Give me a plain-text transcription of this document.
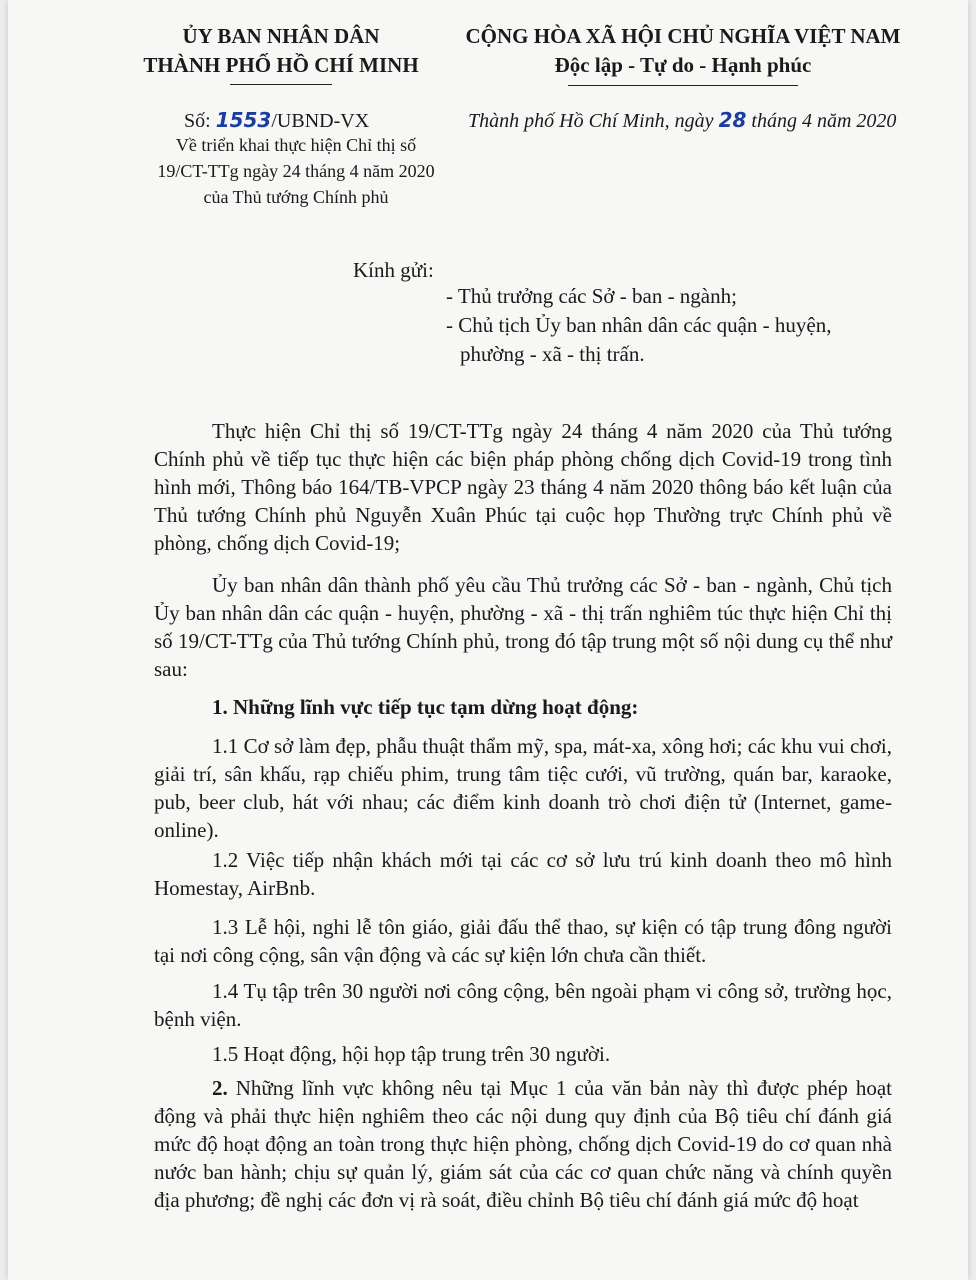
ỦY BAN NHÂN DÂN
THÀNH PHỐ HỒ CHÍ MINH
CỘNG HÒA XÃ HỘI CHỦ NGHĨA VIỆT NAM
Độc lập - Tự do - Hạnh phúc
Số: 1553/UBND-VX	Thành phố Hồ Chí Minh, ngày 28 tháng 4 năm 2020
Về triển khai thực hiện Chỉ thị số
19/CT-TTg ngày 24 tháng 4 năm 2020
của Thủ tướng Chính phủ
Kính gửi:
- Thủ trưởng các Sở - ban - ngành;
- Chủ tịch Ủy ban nhân dân các quận - huyện,
phường - xã - thị trấn.
Thực hiện Chỉ thị số 19/CT-TTg ngày 24 tháng 4 năm 2020 của Thủ tướng Chính phủ về tiếp tục thực hiện các biện pháp phòng chống dịch Covid-19 trong tình hình mới, Thông báo 164/TB-VPCP ngày 23 tháng 4 năm 2020 thông báo kết luận của Thủ tướng Chính phủ Nguyễn Xuân Phúc tại cuộc họp Thường trực Chính phủ về phòng, chống dịch Covid-19;
Ủy ban nhân dân thành phố yêu cầu Thủ trưởng các Sở - ban - ngành, Chủ tịch Ủy ban nhân dân các quận - huyện, phường - xã - thị trấn nghiêm túc thực hiện Chỉ thị số 19/CT-TTg của Thủ tướng Chính phủ, trong đó tập trung một số nội dung cụ thể như sau:
1. Những lĩnh vực tiếp tục tạm dừng hoạt động:
1.1 Cơ sở làm đẹp, phẫu thuật thẩm mỹ, spa, mát-xa, xông hơi; các khu vui chơi, giải trí, sân khấu, rạp chiếu phim, trung tâm tiệc cưới, vũ trường, quán bar, karaoke, pub, beer club, hát với nhau; các điểm kinh doanh trò chơi điện tử (Internet, game-online).
1.2 Việc tiếp nhận khách mới tại các cơ sở lưu trú kinh doanh theo mô hình Homestay, AirBnb.
1.3 Lễ hội, nghi lễ tôn giáo, giải đấu thể thao, sự kiện có tập trung đông người tại nơi công cộng, sân vận động và các sự kiện lớn chưa cần thiết.
1.4 Tụ tập trên 30 người nơi công cộng, bên ngoài phạm vi công sở, trường học, bệnh viện.
1.5 Hoạt động, hội họp tập trung trên 30 người.
2. Những lĩnh vực không nêu tại Mục 1 của văn bản này thì được phép hoạt động và phải thực hiện nghiêm theo các nội dung quy định của Bộ tiêu chí đánh giá mức độ hoạt động an toàn trong thực hiện phòng, chống dịch Covid-19 do cơ quan nhà nước ban hành; chịu sự quản lý, giám sát của các cơ quan chức năng và chính quyền địa phương; đề nghị các đơn vị rà soát, điều chỉnh Bộ tiêu chí đánh giá mức độ hoạt
